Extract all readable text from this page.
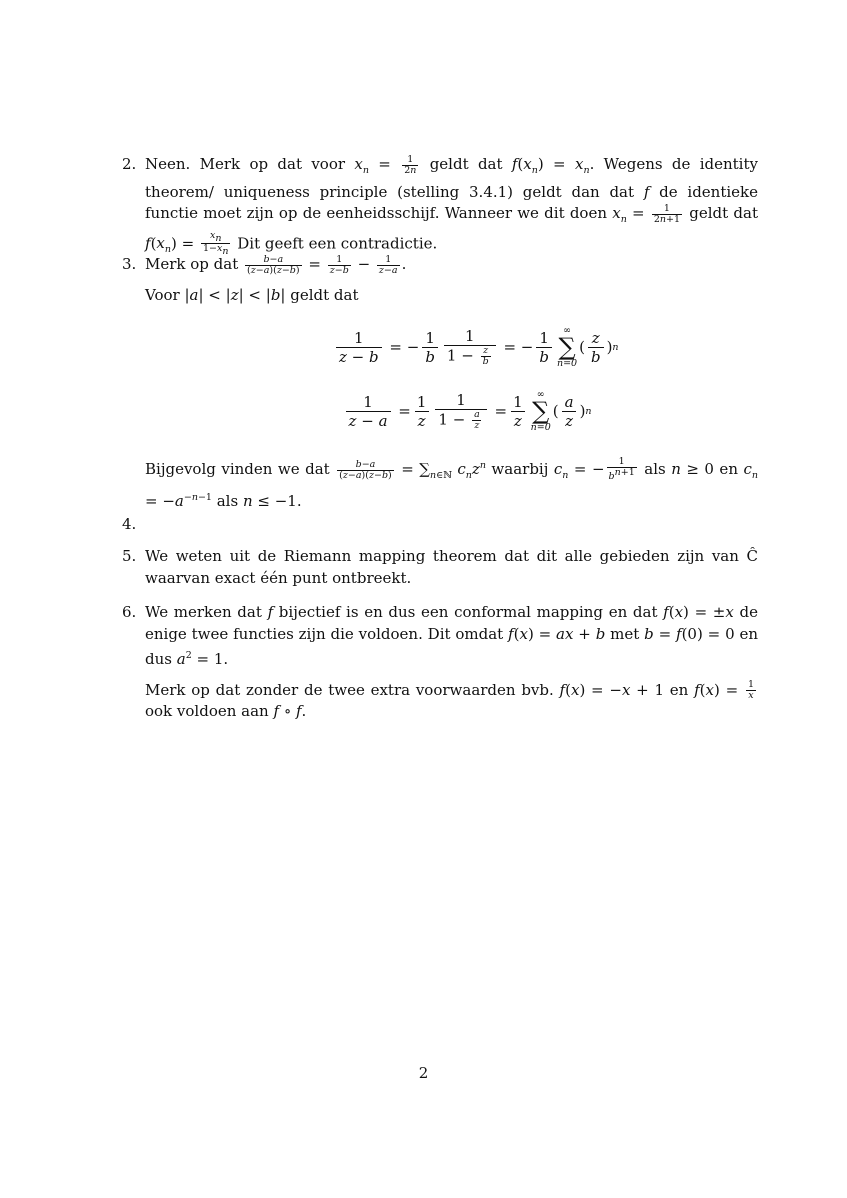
2. Neen. Merk op dat voor $x_n = \frac{1}{2n}$ geldt dat $f(x_n) = x_n$. Wegens de identity theorem/ uniqueness principle (stelling 3.4.1) geldt dan dat f de identieke functie moet zijn op de eenheidsschijf. Wanneer we dit doen $x_n = \frac{1}{2n+1}$ geldt dat $f(x_n) = \frac{x_n}{1-x_n}$ Dit geeft een contradictie.

3. Merk op dat $\frac{b-a}{(z-a)(z-b)} = \frac{1}{z-b} - \frac{1}{z-a}$ .

Voor |a| < |z| < |b| geldt dat

1
z − b
= −
1
b
1
$1 - \frac{z}{b}$ = −
1
b
∞
∑
n=0
(
z
b
) n

1
z − a
=
1
z
1
$1 - \frac{a}{z}$ =
1
z
∞
∑
n=0
(
a
z
) n

Bijgevolg vinden we dat $\frac{b-a}{(z-a)(z-b)} = \sum_{n\in ℕ}$ $c_nz^n$ waarbij $c_n$ = − $\frac{1}{b^{n+1}}$ als n ≥ 0 en $c_n = -a^{-n-1}$ als n ≤ −1.

4.
5. We weten uit de Riemann mapping theorem dat dit alle gebieden zijn van Ĉ waarvan exact één punt ontbreekt.

6. We merken dat f bijectief is en dus een conformal mapping en dat f(x) = ±x de enige twee functies zijn die voldoen. Dit omdat f(x) = ax + b met b = f(0) = 0 en dus $a^2 = 1$.

Merk op dat zonder de twee extra voorwaarden bvb. f(x) = −x + 1 en $f(x) = \frac{1}{x}$
ook voldoen aan f ∘ f.

2
